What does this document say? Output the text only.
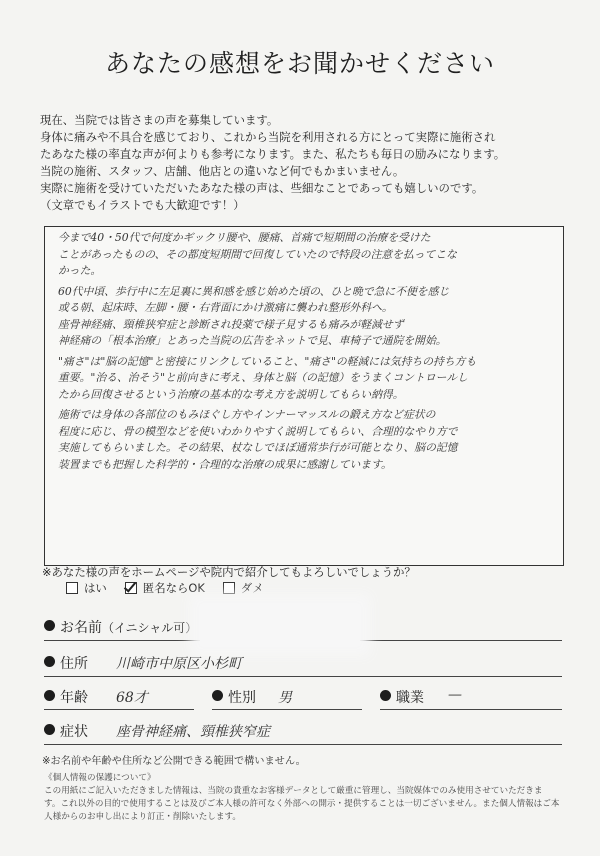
あなたの感想をお聞かせください
現在、当院では皆さまの声を募集しています。
身体に痛みや不具合を感じており、これから当院を利用される方にとって実際に施術され
たあなた様の率直な声が何よりも参考になります。また、私たちも毎日の励みになります。
当院の施術、スタッフ、店舗、他店との違いなど何でもかまいません。
実際に施術を受けていただいたあなた様の声は、些細なことであっても嬉しいのです。
（文章でもイラストでも大歓迎です！）

今まで40・50代で何度かギックリ腰や、腰痛、首痛で短期間の治療を受けた
ことがあったものの、その都度短期間で回復していたので特段の注意を払ってこな
かった。

60代中頃、歩行中に左足裏に異和感を感じ始めた頃の、ひと晩で急に不便を感じ
或る朝、起床時、左脚・腰・右背面にかけ激痛に襲われ整形外科へ。
座骨神経痛、頸椎狭窄症と診断され投薬で様子見するも痛みが軽減せず
神経痛の「根本治療」とあった当院の広告をネットで見、車椅子で通院を開始。

"痛さ"は"脳の記憶"と密接にリンクしていること、"痛さ"の軽減には気持ちの持ち方も
重要。"治る、治そう"と前向きに考え、身体と脳（の記憶）をうまくコントロールし
たから回復させるという治療の基本的な考え方を説明してもらい納得。

施術では身体の各部位のもみほぐし方やインナーマッスルの鍛え方など症状の
程度に応じ、骨の模型などを使いわかりやすく説明してもらい、合理的なやり方で
実施してもらいました。その結果、杖なしでほぼ通常歩行が可能となり、脳の記憶
装置までも把握した科学的・合理的な治療の成果に感謝しています。

※あなた様の声をホームページや院内で紹介してもよろしいでしょうか？
はい	匿名ならOK	ダメ
お名前（イニシャル可）
住所 川崎市中原区小杉町
年齢 68才	性別 男	職業 —
症状 座骨神経痛、頸椎狭窄症
※お名前や年齢や住所など公開できる範囲で構いません。
《個人情報の保護について》
この用紙にご記入いただきました情報は、当院の貴重なお客様データとして厳重に管理し、当院媒体でのみ使用させていただきま
す。これ以外の目的で使用することは及びご本人様の許可なく外部への開示・提供することは一切ございません。また個人情報はご本
人様からのお申し出により訂正・削除いたします。
